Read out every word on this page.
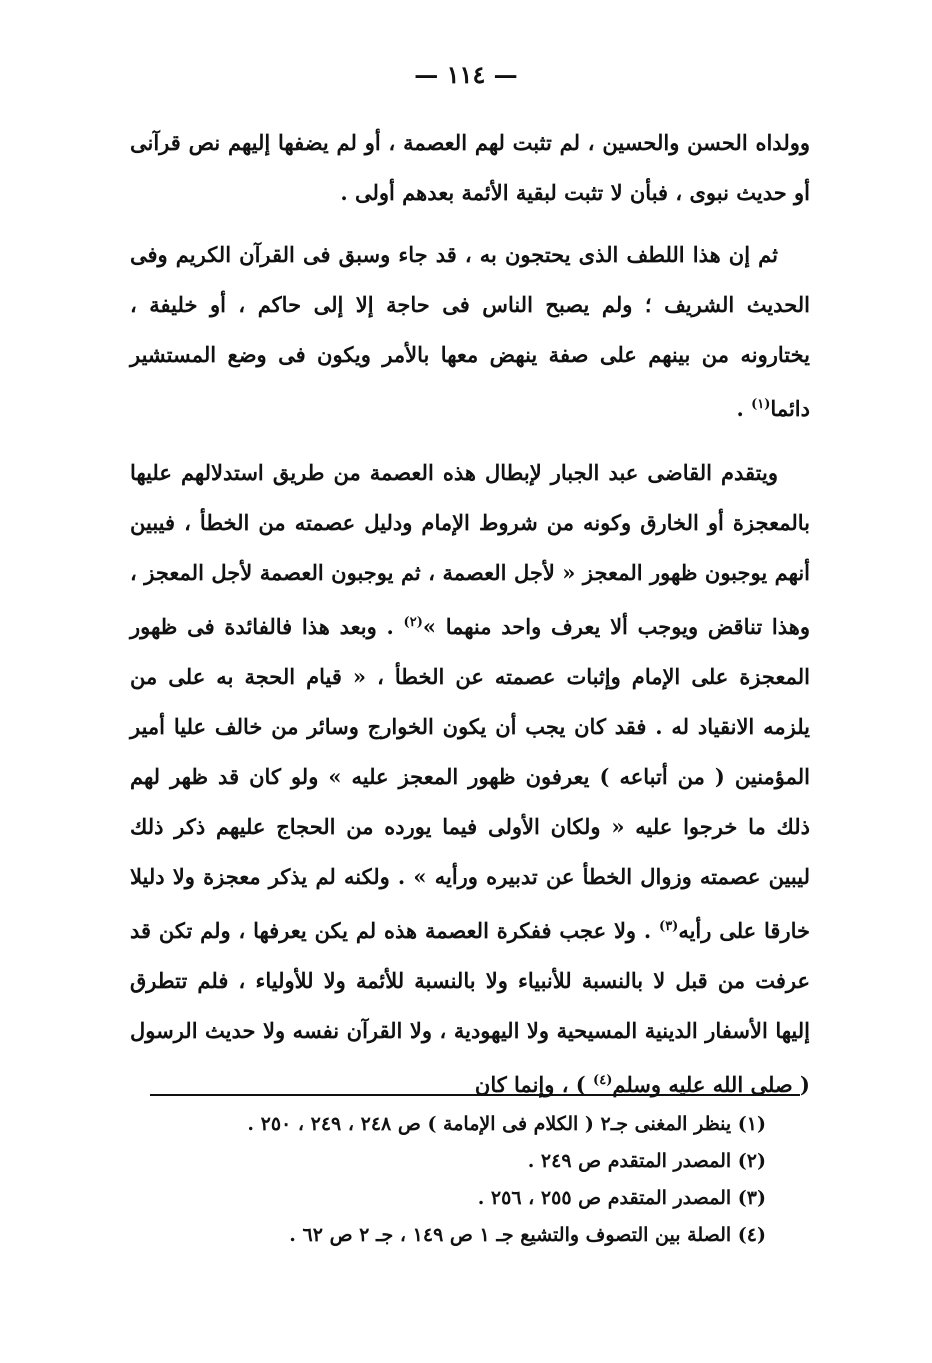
— ١١٤ —

وولداه الحسن والحسين ، لم تثبت لهم العصمة ، أو لم يضفها إليهم نص قرآنى أو حديث نبوى ، فبأن لا تثبت لبقية الأئمة بعدهم أولى .

ثم إن هذا اللطف الذى يحتجون به ، قد جاء وسبق فى القرآن الكريم وفى الحديث الشريف ؛ ولم يصبح الناس فى حاجة إلا إلى حاكم ، أو خليفة ، يختارونه من بينهم على صفة ينهض معها بالأمر ويكون فى وضع المستشير دائما$^{(١)}$ .

ويتقدم القاضى عبد الجبار لإبطال هذه العصمة من طريق استدلالهم عليها بالمعجزة أو الخارق وكونه من شروط الإمام ودليل عصمته من الخطأ ، فيبين أنهم يوجبون ظهور المعجز « لأجل العصمة ، ثم يوجبون العصمة لأجل المعجز ، وهذا تناقض ويوجب ألا يعرف واحد منهما »$^{(٢)}$ . وبعد هذا فالفائدة فى ظهور المعجزة على الإمام وإثبات عصمته عن الخطأ ، « قيام الحجة به على من يلزمه الانقياد له . فقد كان يجب أن يكون الخوارج وسائر من خالف عليا أمير المؤمنين ( من أتباعه ) يعرفون ظهور المعجز عليه » ولو كان قد ظهر لهم ذلك ما خرجوا عليه « ولكان الأولى فيما يورده من الحجاج عليهم ذكر ذلك ليبين عصمته وزوال الخطأ عن تدبيره ورأيه » . ولكنه لم يذكر معجزة ولا دليلا خارقا على رأيه$^{(٣)}$ . ولا عجب ففكرة العصمة هذه لم يكن يعرفها ، ولم تكن قد عرفت من قبل لا بالنسبة للأنبياء ولا بالنسبة للأئمة ولا للأولياء ، فلم تتطرق إليها الأسفار الدينية المسيحية ولا اليهودية ، ولا القرآن نفسه ولا حديث الرسول ( صلى الله عليه وسلم$^{(٤)}$ ) ، وإنما كان

(١) ينظر المغنى جـ٢ ( الكلام فى الإمامة ) ص ٢٤٨ ، ٢٤٩ ، ٢٥٠ .

(٢) المصدر المتقدم ص ٢٤٩ .

(٣) المصدر المتقدم ص ٢٥٥ ، ٢٥٦ .

(٤) الصلة بين التصوف والتشيع جـ ١ ص ١٤٩ ، جـ ٢ ص ٦٢ .
